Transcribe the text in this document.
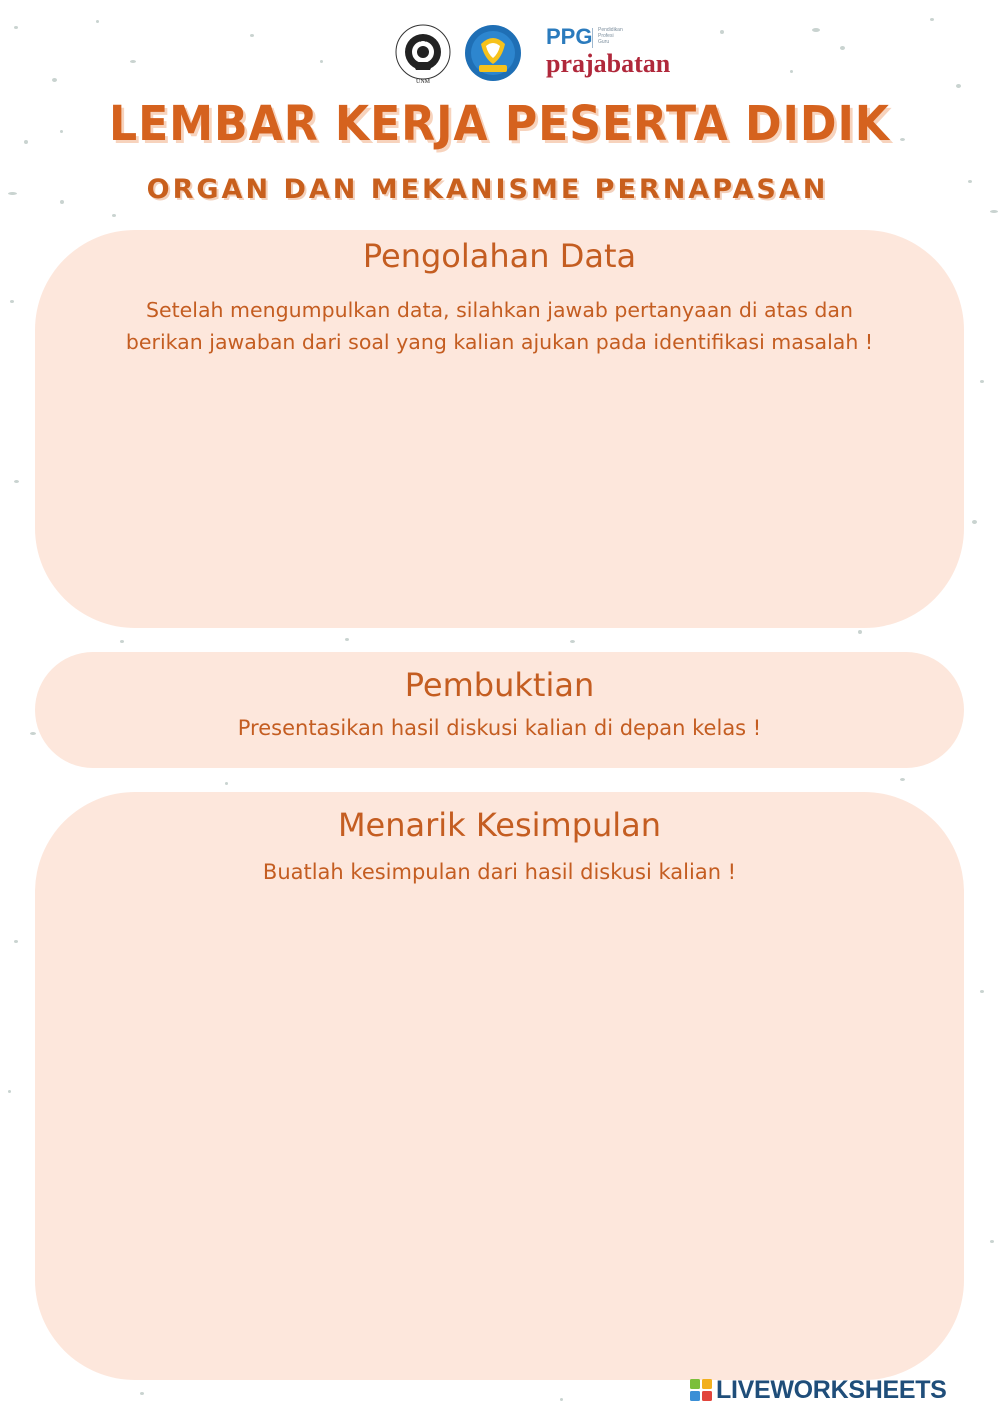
UNM
PPG Pendidikan
Profesi
Guru
prajabatan
LEMBAR KERJA PESERTA DIDIK
ORGAN DAN MEKANISME PERNAPASAN
Pengolahan Data
Setelah mengumpulkan data, silahkan jawab pertanyaan di atas dan
berikan jawaban dari soal yang kalian ajukan pada identifikasi masalah !
Pembuktian
Presentasikan hasil diskusi kalian di depan kelas !
Menarik Kesimpulan
Buatlah kesimpulan dari hasil diskusi kalian !
LIVEWORKSHEETS
